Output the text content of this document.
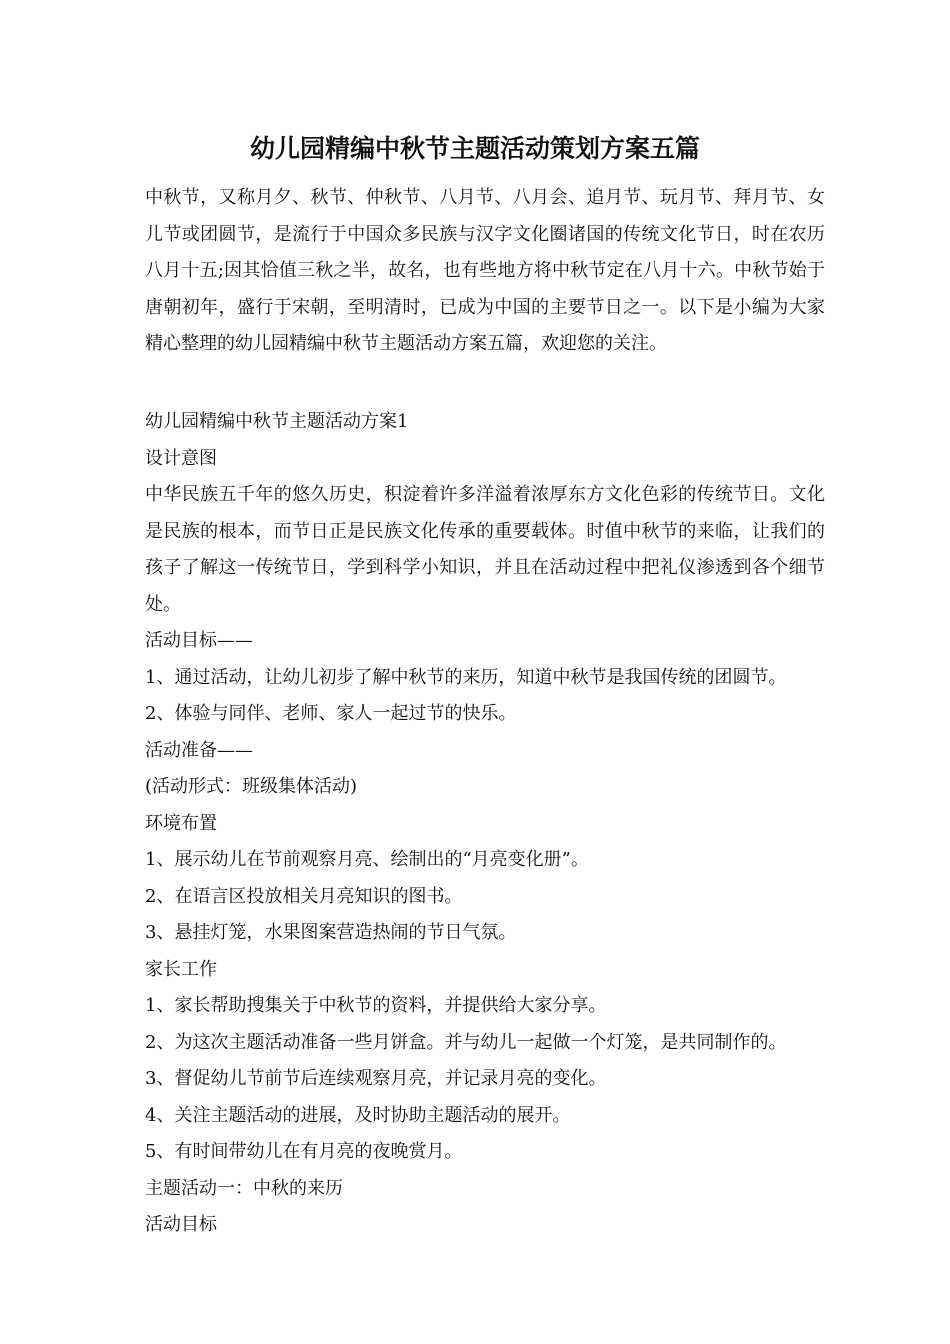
幼儿园精编中秋节主题活动策划方案五篇

中秋节，又称月夕、秋节、仲秋节、八月节、八月会、追月节、玩月节、拜月节、女儿节或团圆节，是流行于中国众多民族与汉字文化圈诸国的传统文化节日，时在农历八月十五;因其恰值三秋之半，故名，也有些地方将中秋节定在八月十六。中秋节始于唐朝初年，盛行于宋朝，至明清时，已成为中国的主要节日之一。以下是小编为大家精心整理的幼儿园精编中秋节主题活动方案五篇，欢迎您的关注。

幼儿园精编中秋节主题活动方案1
设计意图
中华民族五千年的悠久历史，积淀着许多洋溢着浓厚东方文化色彩的传统节日。文化是民族的根本，而节日正是民族文化传承的重要载体。时值中秋节的来临，让我们的孩子了解这一传统节日，学到科学小知识，并且在活动过程中把礼仪渗透到各个细节处。
活动目标——
1、通过活动，让幼儿初步了解中秋节的来历，知道中秋节是我国传统的团圆节。
2、体验与同伴、老师、家人一起过节的快乐。
活动准备——
(活动形式：班级集体活动)
环境布置
1、展示幼儿在节前观察月亮、绘制出的“月亮变化册”。
2、在语言区投放相关月亮知识的图书。
3、悬挂灯笼，水果图案营造热闹的节日气氛。
家长工作
1、家长帮助搜集关于中秋节的资料，并提供给大家分享。
2、为这次主题活动准备一些月饼盒。并与幼儿一起做一个灯笼，是共同制作的。
3、督促幼儿节前节后连续观察月亮，并记录月亮的变化。
4、关注主题活动的进展，及时协助主题活动的展开。
5、有时间带幼儿在有月亮的夜晚赏月。
主题活动一：中秋的来历
活动目标
